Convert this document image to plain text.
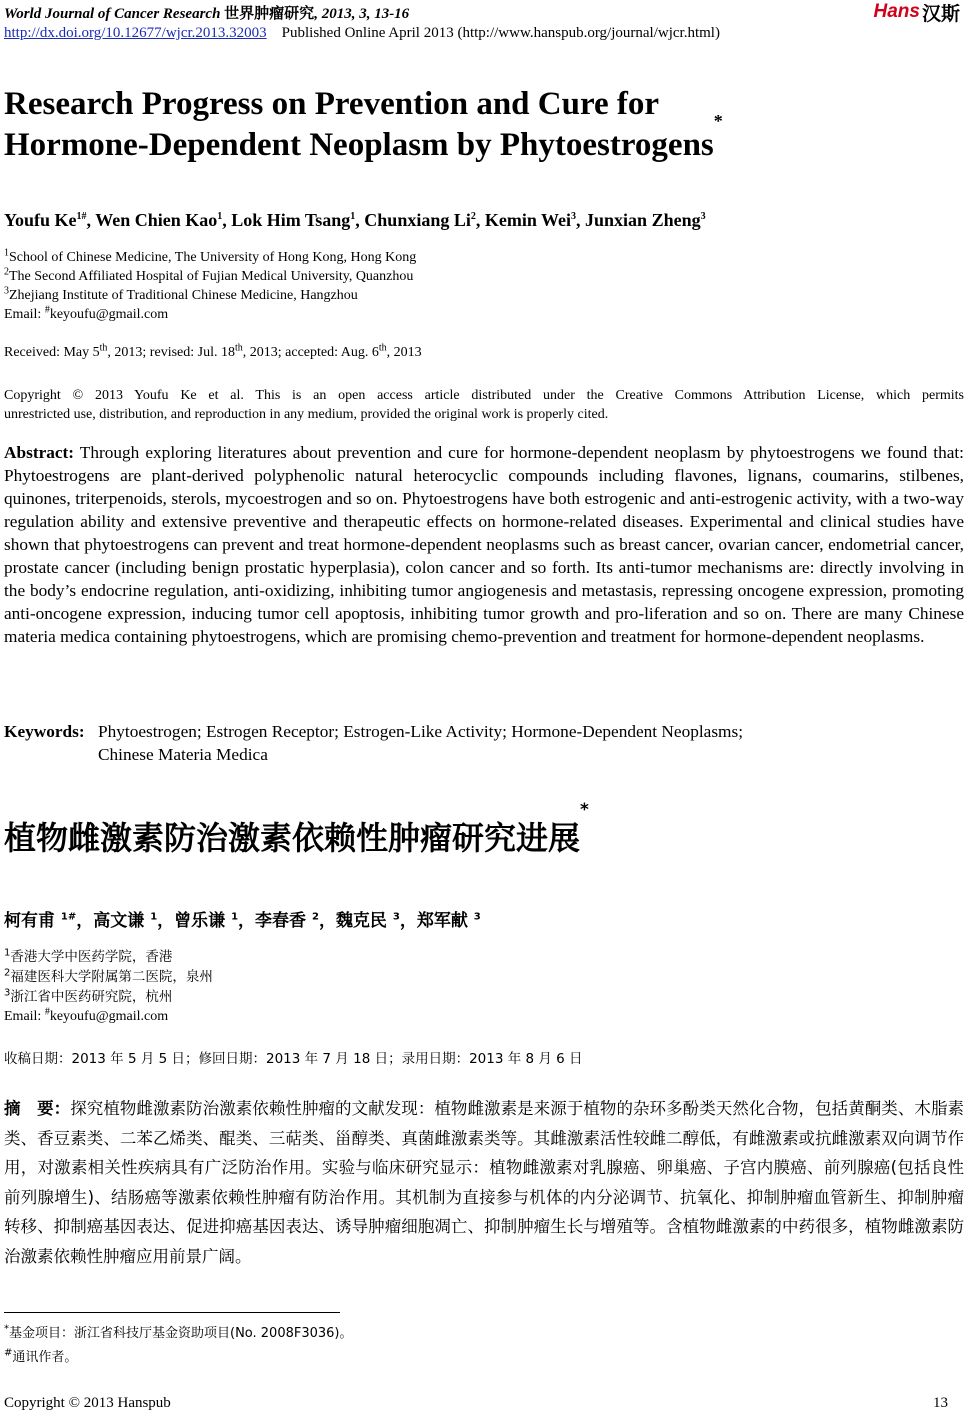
World Journal of Cancer Research 世界肿瘤研究, 2013, 3, 13-16	Hans 汉斯
http://dx.doi.org/10.12677/wjcr.2013.32003 Published Online April 2013 (http://www.hanspub.org/journal/wjcr.html)
Research Progress on Prevention and Cure for
Hormone-Dependent Neoplasm by Phytoestrogens*
Youfu $Ke^{1\#}$, Wen Chien Kao$^1$, Lok Him Tsang$^1$, Chunxiang Li$^2$, Kemin Wei$^3$, Junxian Zheng$^3$
$^1$School of Chinese Medicine, The University of Hong Kong, Hong Kong
$^2$The Second Affiliated Hospital of Fujian Medical University, Quanzhou
$^3$Zhejiang Institute of Traditional Chinese Medicine, Hangzhou
Email: #keyoufu@gmail.com
Received: May 5th, 2013; revised: Jul. 18th, 2013; accepted: Aug. 6th, 2013
Copyright © 2013 Youfu Ke et al. This is an open access article distributed under the Creative Commons Attribution License, which permits
unrestricted use, distribution, and reproduction in any medium, provided the original work is properly cited.
Abstract: Through exploring literatures about prevention and cure for hormone-dependent neoplasm by phytoestrogens we found that: Phytoestrogens are plant-derived polyphenolic natural heterocyclic compounds including flavones, lignans, coumarins, stilbenes, quinones, triterpenoids, sterols, mycoestrogen and so on. Phytoestrogens have both estrogenic and anti-estrogenic activity, with a two-way regulation ability and extensive preventive and therapeutic effects on hormone-related diseases. Experimental and clinical studies have shown that phytoestrogens can prevent and treat hormone-dependent neoplasms such as breast cancer, ovarian cancer, endometrial cancer, prostate cancer (including benign prostatic hyperplasia), colon cancer and so forth. Its anti-tumor mechanisms are: directly involving in the body’s endocrine regulation, anti-oxidizing, inhibiting tumor angiogenesis and metastasis, repressing oncogene expression, promoting anti-oncogene expression, inducing tumor cell apoptosis, inhibiting tumor growth and pro-liferation and so on. There are many Chinese materia medica containing phytoestrogens, which are promising chemo-prevention and treatment for hormone-dependent neoplasms.
Keywords: Phytoestrogen; Estrogen Receptor; Estrogen-Like Activity; Hormone-Dependent Neoplasms;
Chinese Materia Medica
植物雌激素防治激素依赖性肿瘤研究进展*
柯有甫 $^{1\#}$，高文谦 $^1$，曾乐谦 $^1$，李春香 $^2$，魏克民 $^3$，郑军献 $^3$
$^1$香港大学中医药学院，香港
$^2$福建医科大学附属第二医院，泉州
$^3$浙江省中医药研究院，杭州
Email: #keyoufu@gmail.com
收稿日期：2013 年 5 月 5 日；修回日期：2013 年 7 月 18 日；录用日期：2013 年 8 月 6 日
摘　要：探究植物雌激素防治激素依赖性肿瘤的文献发现：植物雌激素是来源于植物的杂环多酚类天然化合物，包括黄酮类、木脂素类、香豆素类、二苯乙烯类、醌类、三萜类、甾醇类、真菌雌激素类等。其雌激素活性较雌二醇低，有雌激素或抗雌激素双向调节作用，对激素相关性疾病具有广泛防治作用。实验与临床研究显示：植物雌激素对乳腺癌、卵巢癌、子宫内膜癌、前列腺癌(包括良性前列腺增生)、结肠癌等激素依赖性肿瘤有防治作用。其机制为直接参与机体的内分泌调节、抗氧化、抑制肿瘤血管新生、抑制肿瘤转移、抑制癌基因表达、促进抑癌基因表达、诱导肿瘤细胞凋亡、抑制肿瘤生长与增殖等。含植物雌激素的中药很多，植物雌激素防治激素依赖性肿瘤应用前景广阔。
*基金项目：浙江省科技厅基金资助项目(No. 2008F3036)。
#通讯作者。
Copyright © 2013 Hanspub	13
